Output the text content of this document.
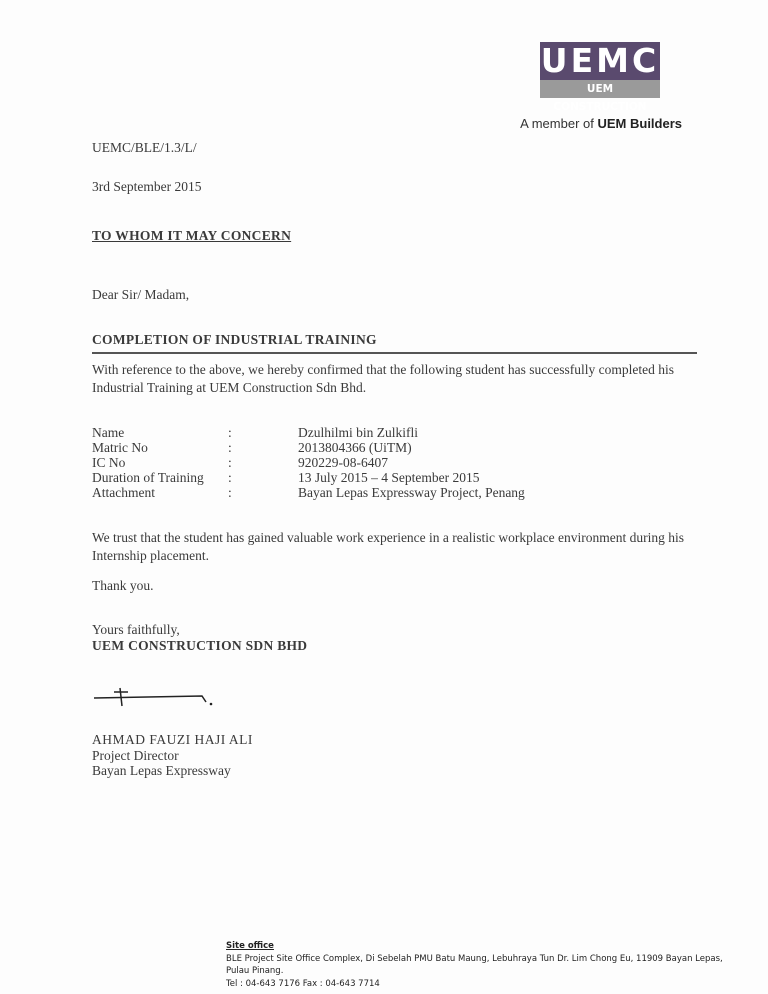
UEMC
UEM CONSTRUCTION
A member of UEM Builders
UEMC/BLE/1.3/L/
3rd September 2015
TO WHOM IT MAY CONCERN
Dear Sir/ Madam,
COMPLETION OF INDUSTRIAL TRAINING
With reference to the above, we hereby confirmed that the following student has successfully completed his
Industrial Training at UEM Construction Sdn Bhd.
Name	:	Dzulhilmi bin Zulkifli
Matric No	:	2013804366 (UiTM)
IC No	:	920229-08-6407
Duration of Training :	13 July 2015 – 4 September 2015
Attachment	:	Bayan Lepas Expressway Project, Penang
We trust that the student has gained valuable work experience in a realistic workplace environment during his
Internship placement.
Thank you.
Yours faithfully,
UEM CONSTRUCTION SDN BHD
AHMAD FAUZI HAJI ALI
Project Director
Bayan Lepas Expressway
Site office
BLE Project Site Office Complex, Di Sebelah PMU Batu Maung, Lebuhraya Tun Dr. Lim Chong Eu, 11909 Bayan Lepas,
Pulau Pinang.
Tel : 04-643 7176 Fax : 04-643 7714
